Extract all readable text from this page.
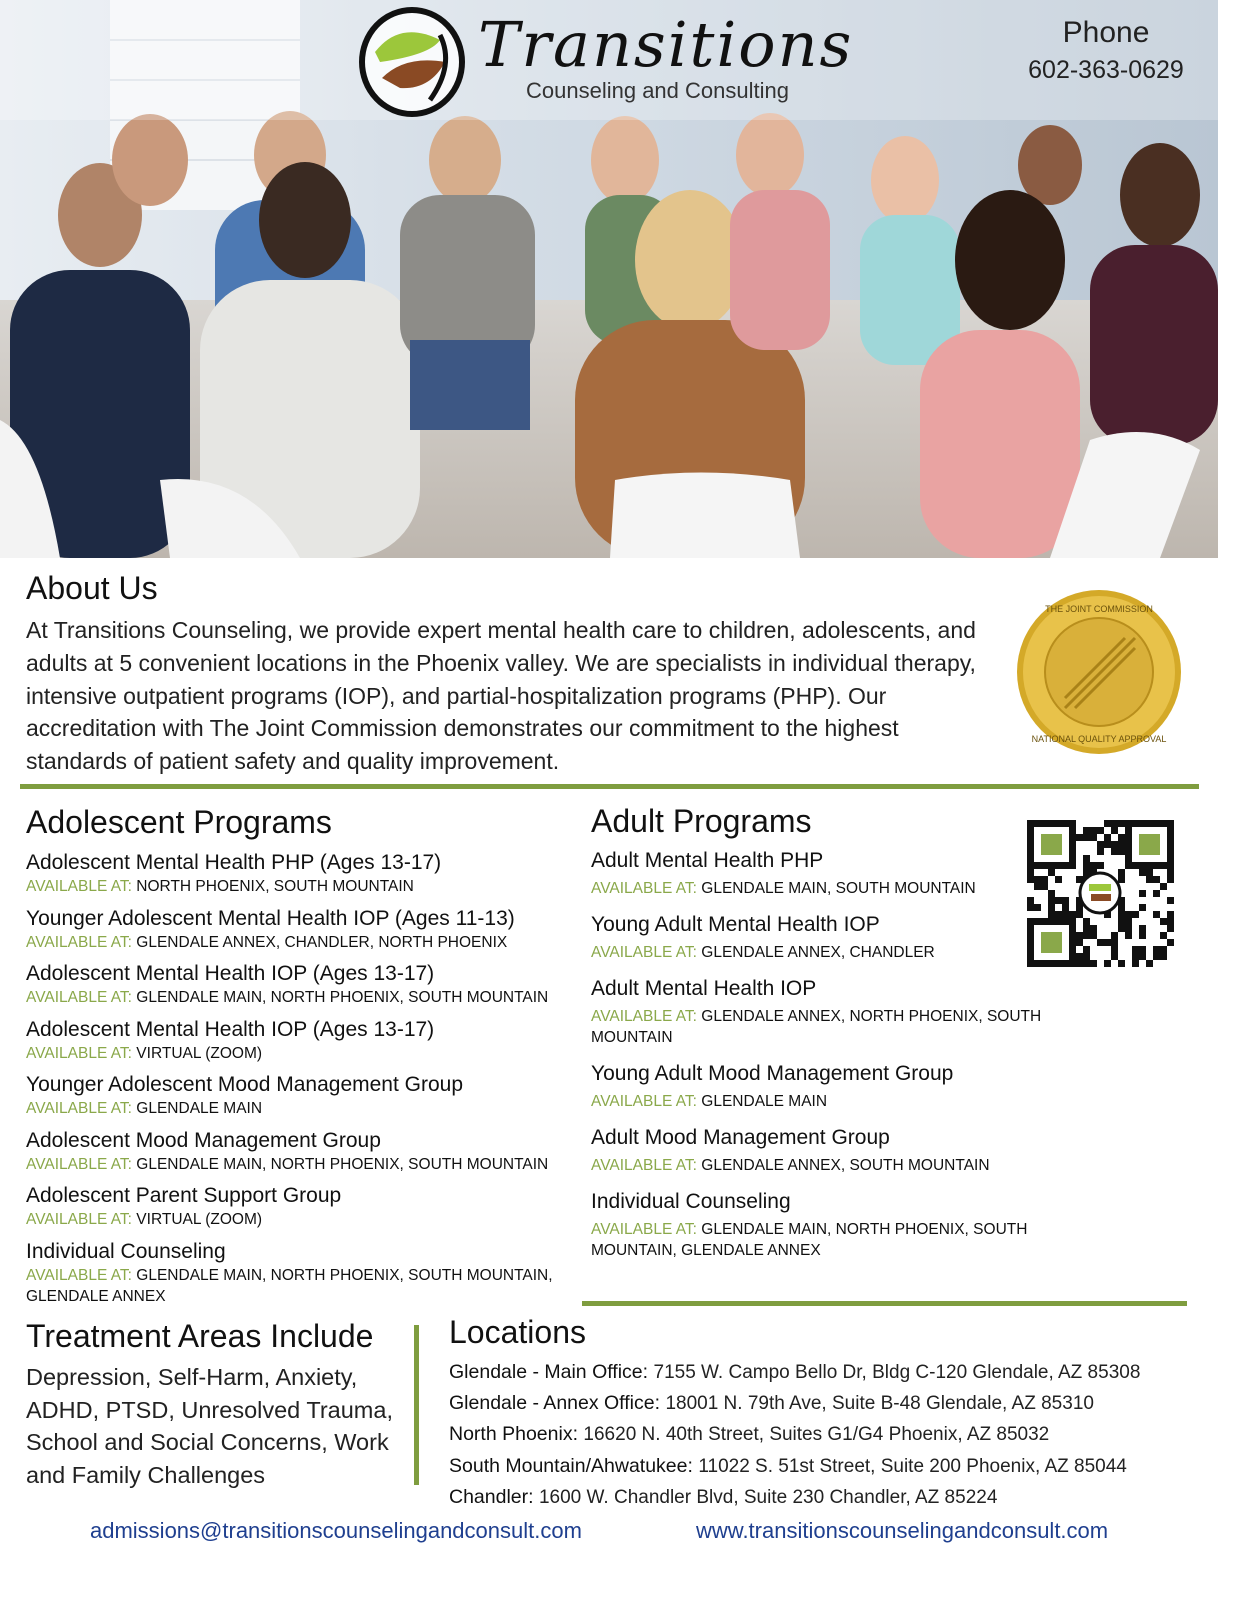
Transitions
Counseling and Consulting
Phone
602-363-0629
About Us

At Transitions Counseling, we provide expert mental health care to children, adolescents, and adults at 5 convenient locations in the Phoenix valley. We are specialists in individual therapy, intensive outpatient programs (IOP), and partial-hospitalization programs (PHP). Our accreditation with The Joint Commission demonstrates our commitment to the highest standards of patient safety and quality improvement.

THE JOINT COMMISSION
NATIONAL QUALITY APPROVAL
Adolescent Programs
Adolescent Mental Health PHP (Ages 13-17)
AVAILABLE AT: NORTH PHOENIX, SOUTH MOUNTAIN
Younger Adolescent Mental Health IOP (Ages 11-13)
AVAILABLE AT: GLENDALE ANNEX, CHANDLER, NORTH PHOENIX
Adolescent Mental Health IOP (Ages 13-17)
AVAILABLE AT: GLENDALE MAIN, NORTH PHOENIX, SOUTH MOUNTAIN
Adolescent Mental Health IOP (Ages 13-17)
AVAILABLE AT: VIRTUAL (ZOOM)
Younger Adolescent Mood Management Group
AVAILABLE AT: GLENDALE MAIN
Adolescent Mood Management Group
AVAILABLE AT: GLENDALE MAIN, NORTH PHOENIX, SOUTH MOUNTAIN
Adolescent Parent Support Group
AVAILABLE AT: VIRTUAL (ZOOM)
Individual Counseling
AVAILABLE AT: GLENDALE MAIN, NORTH PHOENIX, SOUTH MOUNTAIN, GLENDALE ANNEX
Adult Programs
Adult Mental Health PHP
AVAILABLE AT: GLENDALE MAIN, SOUTH MOUNTAIN
Young Adult Mental Health IOP
AVAILABLE AT: GLENDALE ANNEX, CHANDLER
Adult Mental Health IOP
AVAILABLE AT: GLENDALE ANNEX, NORTH PHOENIX, SOUTH MOUNTAIN
Young Adult Mood Management Group
AVAILABLE AT: GLENDALE MAIN
Adult Mood Management Group
AVAILABLE AT: GLENDALE ANNEX, SOUTH MOUNTAIN
Individual Counseling
AVAILABLE AT: GLENDALE MAIN, NORTH PHOENIX, SOUTH MOUNTAIN, GLENDALE ANNEX
Treatment Areas Include

Depression, Self-Harm, Anxiety, ADHD, PTSD, Unresolved Trauma, School and Social Concerns, Work and Family Challenges

Locations
Glendale - Main Office: 7155 W. Campo Bello Dr, Bldg C-120 Glendale, AZ 85308
Glendale - Annex Office: 18001 N. 79th Ave, Suite B-48 Glendale, AZ 85310
North Phoenix: 16620 N. 40th Street, Suites G1/G4 Phoenix, AZ 85032
South Mountain/Ahwatukee: 11022 S. 51st Street, Suite 200 Phoenix, AZ 85044
Chandler: 1600 W. Chandler Blvd, Suite 230 Chandler, AZ 85224
admissions@transitionscounselingandconsult.com	www.transitionscounselingandconsult.com
